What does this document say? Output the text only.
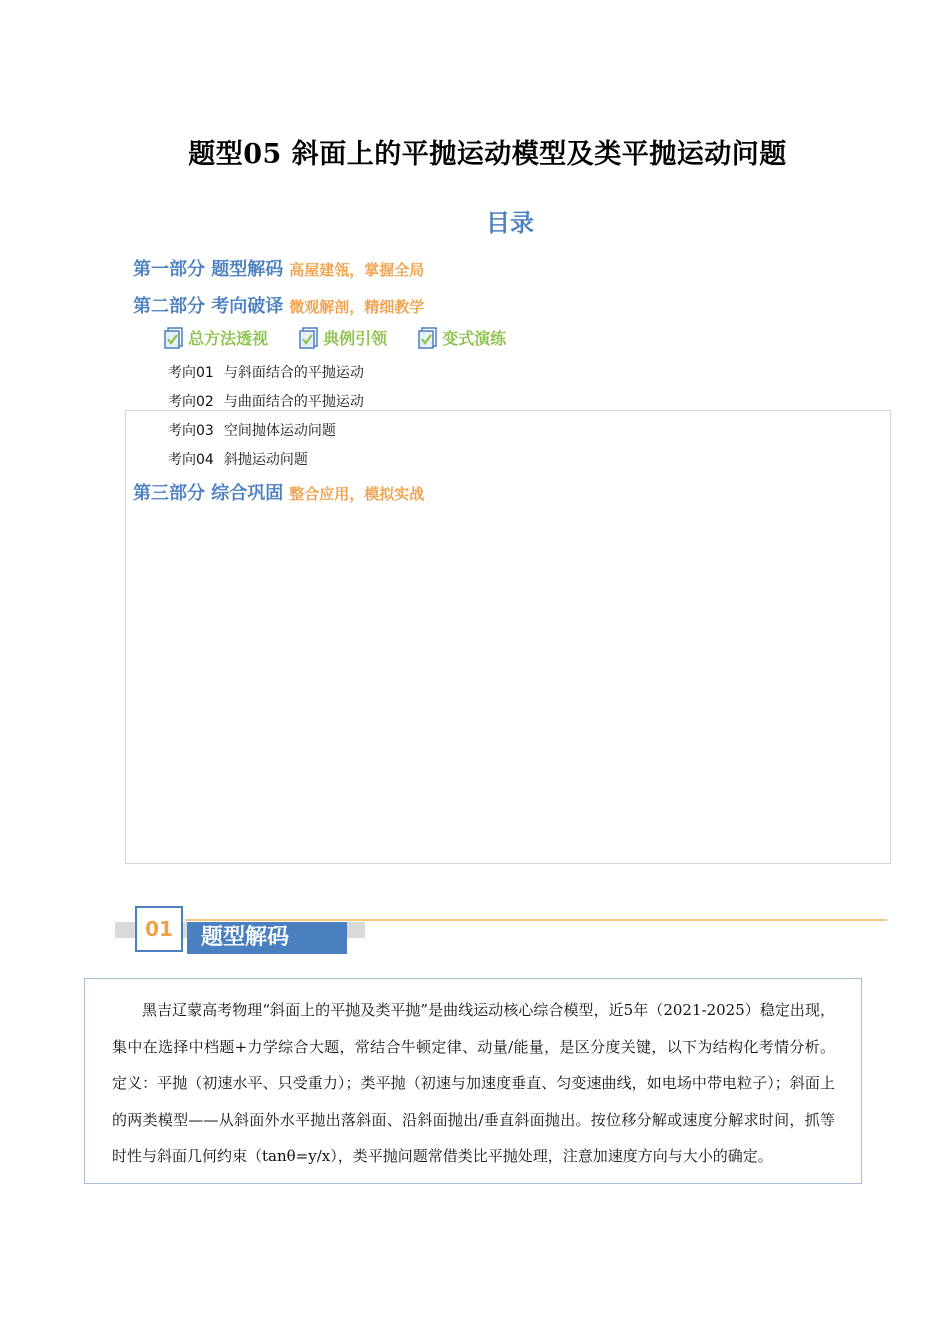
题型05 斜面上的平抛运动模型及类平抛运动问题
目录
第一部分 题型解码 高屋建瓴，掌握全局
第二部分 考向破译 微观解剖，精细教学
总方法透视
	典例引领
	变式演练
考向01 与斜面结合的平抛运动
考向02 与曲面结合的平抛运动
考向03 空间抛体运动问题
考向04 斜抛运动问题
第三部分 综合巩固 整合应用，模拟实战
题型解码
01

黑吉辽蒙高考物理“斜面上的平抛及类平抛”是曲线运动核心综合模型，近5年（2021-2025）稳定出现，集中在选择中档题+力学综合大题，常结合牛顿定律、动量/能量，是区分度关键，以下为结构化考情分析。 定义：平抛（初速水平、只受重力）；类平抛（初速与加速度垂直、匀变速曲线，如电场中带电粒子）；斜面上的两类模型——从斜面外水平抛出落斜面、沿斜面抛出/垂直斜面抛出。按位移分解或速度分解求时间，抓等时性与斜面几何约束（tanθ=y/x），类平抛问题常借类比平抛处理，注意加速度方向与大小的确定。
